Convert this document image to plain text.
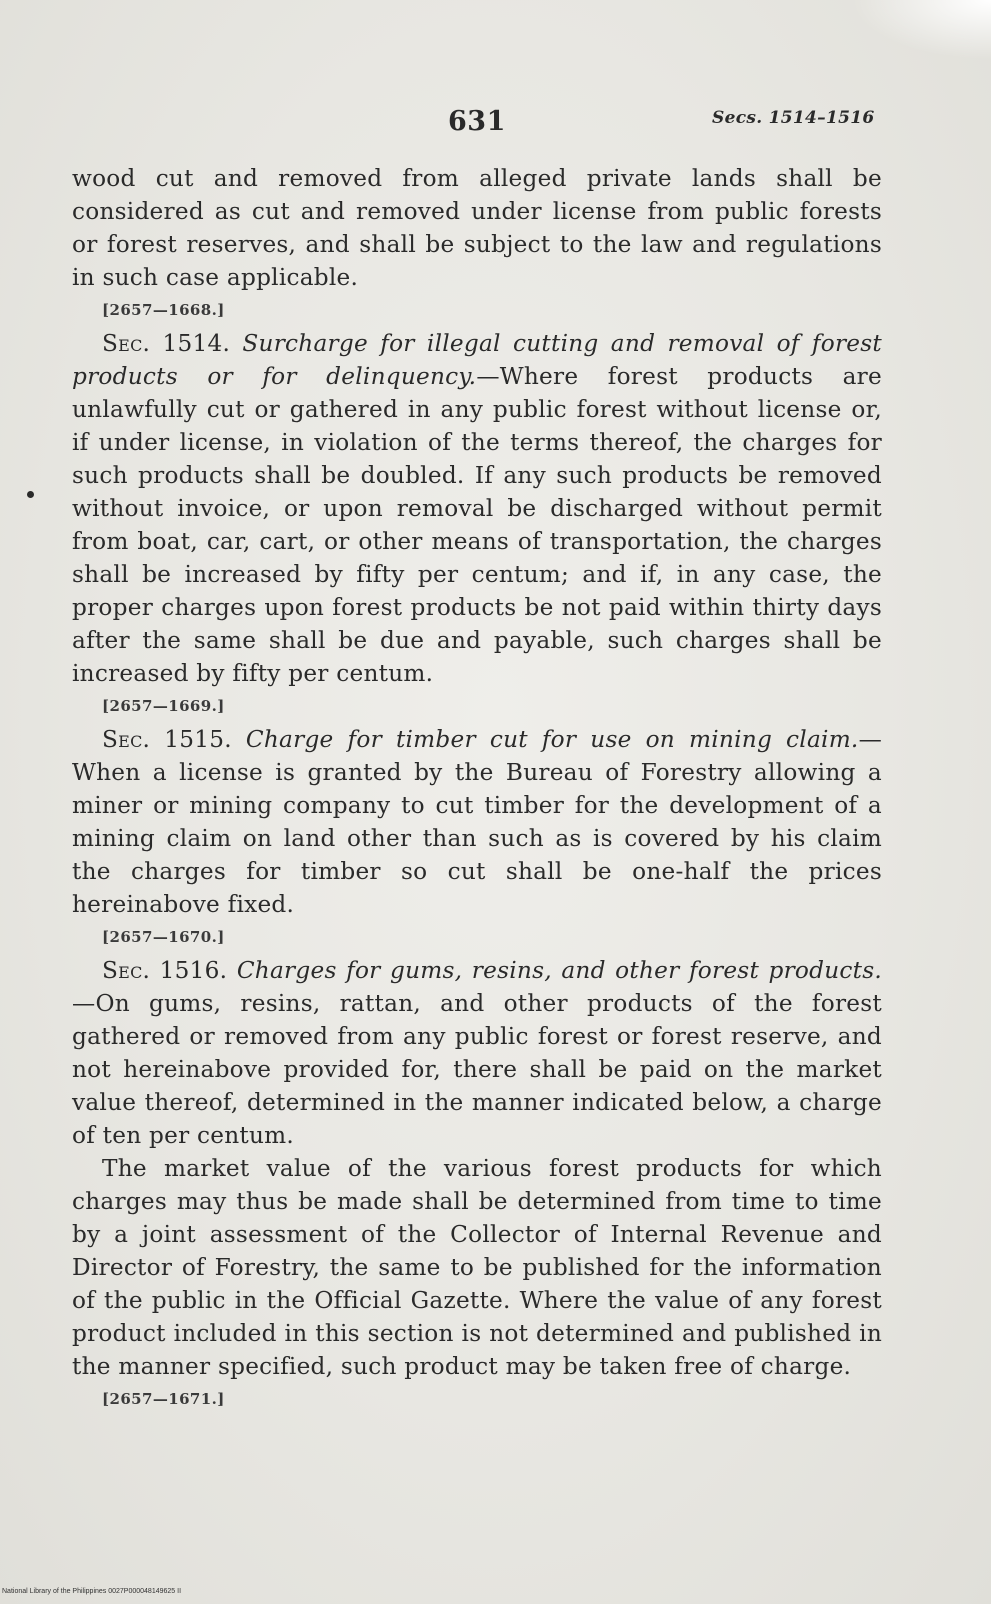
631	Secs. 1514–1516

wood cut and removed from alleged private lands shall be considered as cut and removed under license from public forests or forest reserves, and shall be subject to the law and regulations in such case applicable.

[2657—1668.]

Sec. 1514. Surcharge for illegal cutting and removal of forest products or for delinquency.—Where forest products are unlawfully cut or gathered in any public forest without license or, if under license, in violation of the terms thereof, the charges for such products shall be doubled. If any such products be removed without invoice, or upon removal be discharged without permit from boat, car, cart, or other means of transportation, the charges shall be increased by fifty per centum; and if, in any case, the proper charges upon forest products be not paid within thirty days after the same shall be due and payable, such charges shall be increased by fifty per centum.

[2657—1669.]

Sec. 1515. Charge for timber cut for use on mining claim.—When a license is granted by the Bureau of Forestry allowing a miner or mining company to cut timber for the development of a mining claim on land other than such as is covered by his claim the charges for timber so cut shall be one-half the prices hereinabove fixed.

[2657—1670.]

Sec. 1516. Charges for gums, resins, and other forest products.—On gums, resins, rattan, and other products of the forest gathered or removed from any public forest or forest reserve, and not hereinabove provided for, there shall be paid on the market value thereof, determined in the manner indicated below, a charge of ten per centum.

The market value of the various forest products for which charges may thus be made shall be determined from time to time by a joint assessment of the Collector of Internal Revenue and Director of Forestry, the same to be published for the information of the public in the Official Gazette. Where the value of any forest product included in this section is not determined and published in the manner specified, such product may be taken free of charge.

[2657—1671.]

National Library of the Philippines 0027P000048149625 II
